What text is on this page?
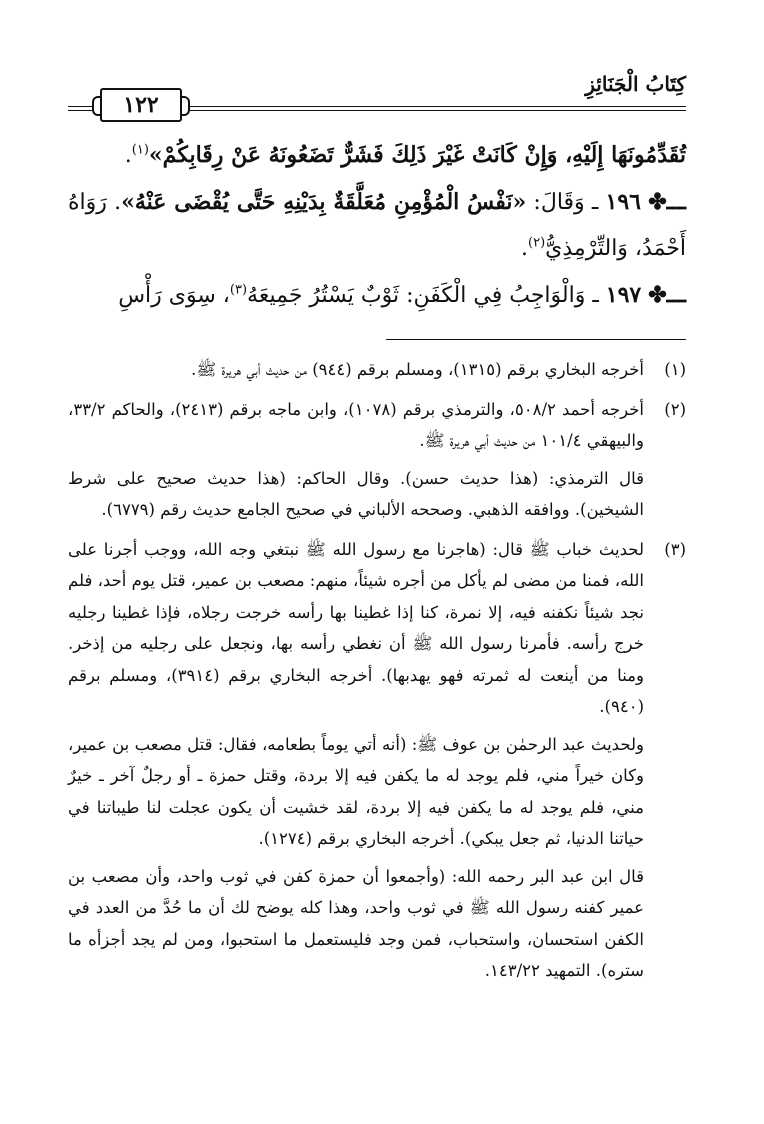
كِتَابُ الْجَنَائِزِ
١٢٢

تُقَدِّمُونَهَا إِلَيْهِ، وَإِنْ كَانَتْ غَيْرَ ذَلِكَ فَشَرٌّ تَضَعُونَهُ عَنْ رِقَابِكُمْ»$^{(١)}$.

ـــ✤ ١٩٦ ـ وَقَالَ: «نَفْسُ الْمُؤْمِنِ مُعَلَّقَةٌ بِدَيْنِهِ حَتَّى يُقْضَى عَنْهُ». رَوَاهُ أَحْمَدُ، وَالتِّرْمِذِيُّ$^{(٢)}$.

ـــ✤ ١٩٧ ـ وَالْوَاجِبُ فِي الْكَفَنِ: ثَوْبٌ يَسْتُرُ جَمِيعَهُ$^{(٣)}$، سِوَى رَأْسِ

(١)

أخرجه البخاري برقم (١٣١٥)، ومسلم برقم (٩٤٤) من حديث أبي هريرة ﷺ.

(٢)

أخرجه أحمد ٥٠٨/٢، والترمذي برقم (١٠٧٨)، وابن ماجه برقم (٢٤١٣)، والحاكم ٣٣/٢، والبيهقي ١٠١/٤ من حديث أبي هريرة ﷺ.

قال الترمذي: (هذا حديث حسن). وقال الحاكم: (هذا حديث صحيح على شرط الشيخين). ووافقه الذهبي. وصححه الألباني في صحيح الجامع حديث رقم (٦٧٧٩).

(٣)

لحديث خباب ﷺ قال: (هاجرنا مع رسول الله ﷺ نبتغي وجه الله، ووجب أجرنا على الله، فمنا من مضى لم يأكل من أجره شيئاً، منهم: مصعب بن عمير، قتل يوم أحد، فلم نجد شيئاً نكفنه فيه، إلا نمرة، كنا إذا غطينا بها رأسه خرجت رجلاه، فإذا غطينا رجليه خرج رأسه. فأمرنا رسول الله ﷺ أن نغطي رأسه بها، ونجعل على رجليه من إذخر. ومنا من أينعت له ثمرته فهو يهدبها). أخرجه البخاري برقم (٣٩١٤)، ومسلم برقم (٩٤٠).

ولحديث عبد الرحمٰن بن عوف ﷺ: (أنه أتي يوماً بطعامه، فقال: قتل مصعب بن عمير، وكان خيراً مني، فلم يوجد له ما يكفن فيه إلا بردة، وقتل حمزة ـ أو رجلٌ آخر ـ خيرٌ مني، فلم يوجد له ما يكفن فيه إلا بردة، لقد خشيت أن يكون عجلت لنا طيباتنا في حياتنا الدنيا، ثم جعل يبكي). أخرجه البخاري برقم (١٢٧٤).

قال ابن عبد البر رحمه الله: (وأجمعوا أن حمزة كفن في ثوب واحد، وأن مصعب بن عمير كفنه رسول الله ﷺ في ثوب واحد، وهذا كله يوضح لك أن ما حُدَّ من العدد في الكفن استحسان، واستحباب، فمن وجد فليستعمل ما استحبوا، ومن لم يجد أجزأه ما ستره). التمهيد ١٤٣/٢٢.
